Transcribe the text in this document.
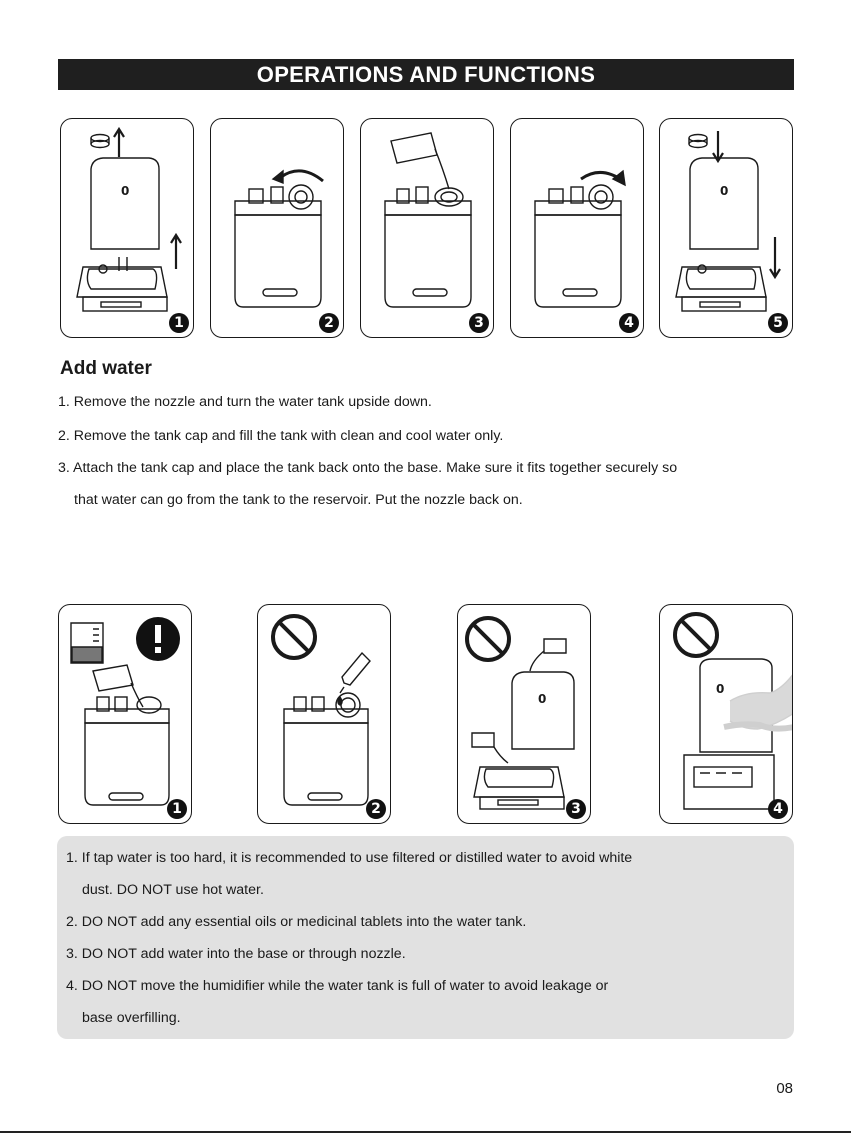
OPERATIONS AND FUNCTIONS
0
1	2	3	4
0
5
Add water
1. Remove the nozzle and turn the water tank upside down.
2. Remove the tank cap and fill the tank with clean and cool water only.
3. Attach the tank cap and place the tank back onto the base. Make sure it fits together securely so
that water can go from the tank to the reservoir. Put the nozzle back on.
1	2
0
3
0
4
1. If tap water is too hard, it is recommended to use filtered or distilled water to avoid white
dust. DO NOT use hot water.
2. DO NOT add any essential oils or medicinal tablets into the water tank.
3. DO NOT add water into the base or through nozzle.
4. DO NOT move the humidifier while the water tank is full of water to avoid leakage or
base overfilling.
08
